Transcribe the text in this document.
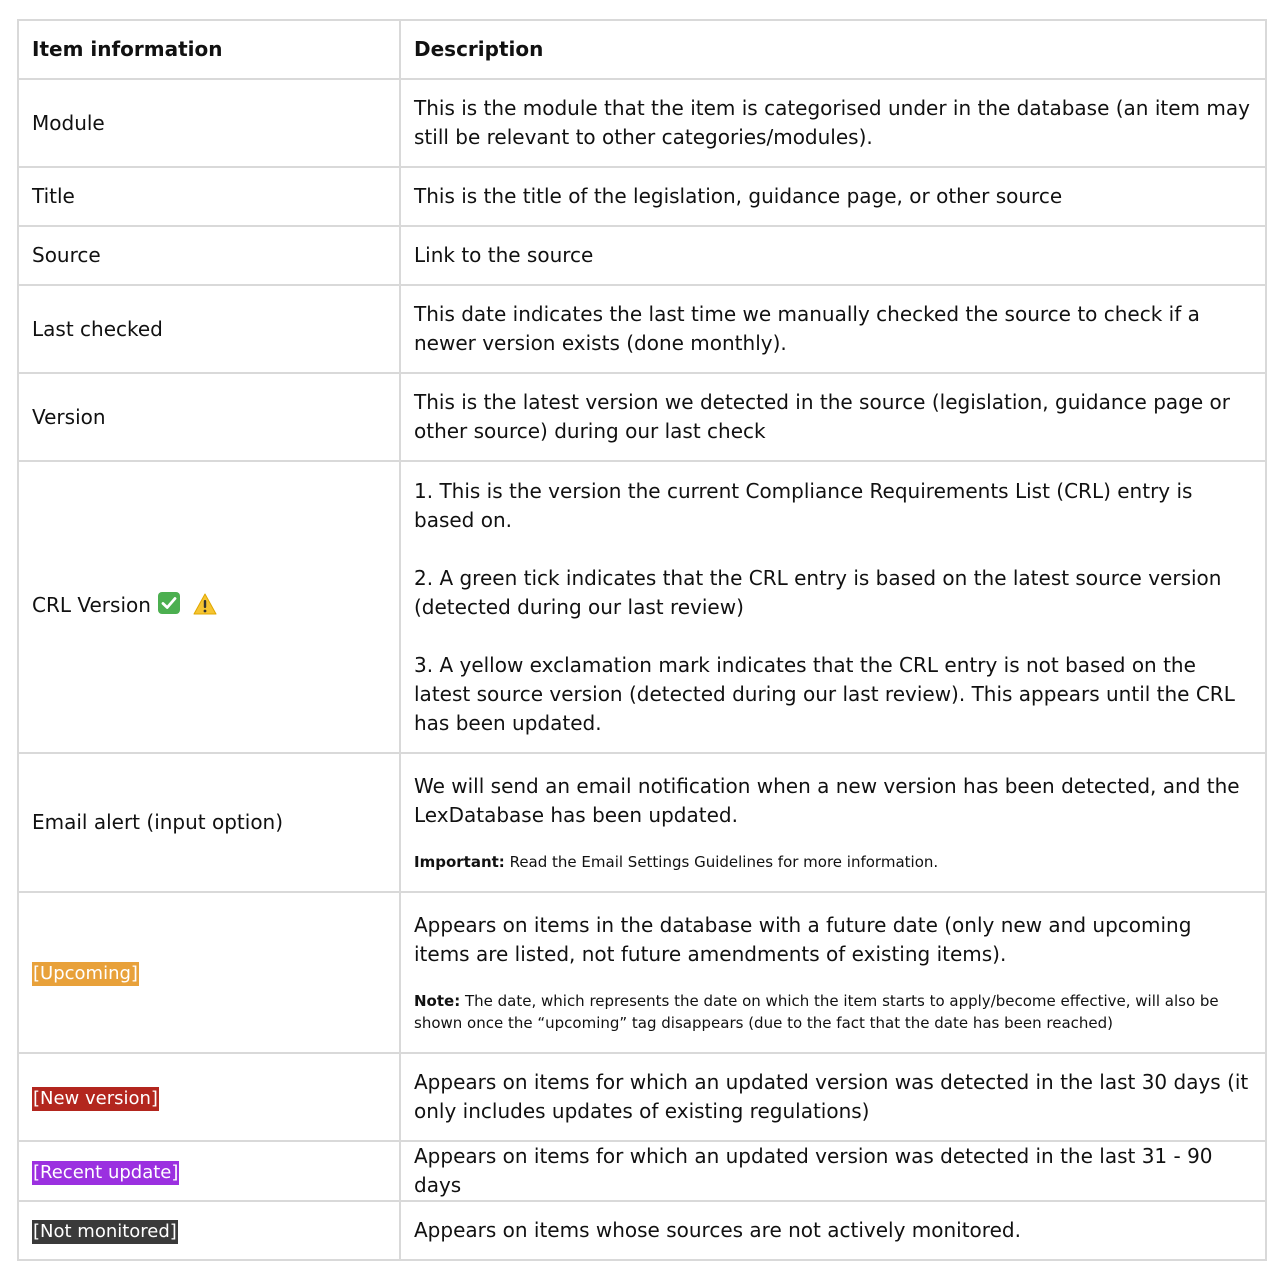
Item information	Description
Module	This is the module that the item is categorised under in the database (an item may still be relevant to other categories/modules).
Title	This is the title of the legislation, guidance page, or other source
Source	Link to the source
Last checked	This date indicates the last time we manually checked the source to check if a newer version exists (done monthly).
Version	This is the latest version we detected in the source (legislation, guidance page or other source) during our last check
CRL Version	1. This is the version the current Compliance Requirements List (CRL) entry is based on.

2. A green tick indicates that the CRL entry is based on the latest source version (detected during our last review)

3. A yellow exclamation mark indicates that the CRL entry is not based on the latest source version (detected during our last review). This appears until the CRL has been updated.

Email alert (input option)	We will send an email notification when a new version has been detected, and the LexDatabase has been updated.

Important: Read the Email Settings Guidelines for more information.

[Upcoming]	Appears on items in the database with a future date (only new and upcoming items are listed, not future amendments of existing items).

Note: The date, which represents the date on which the item starts to apply/become effective, will also be shown once the “upcoming” tag disappears (due to the fact that the date has been reached)

[New version]	Appears on items for which an updated version was detected in the last 30 days (it only includes updates of existing regulations)
[Recent update]	Appears on items for which an updated version was detected in the last 31 - 90 days
[Not monitored]	Appears on items whose sources are not actively monitored.
